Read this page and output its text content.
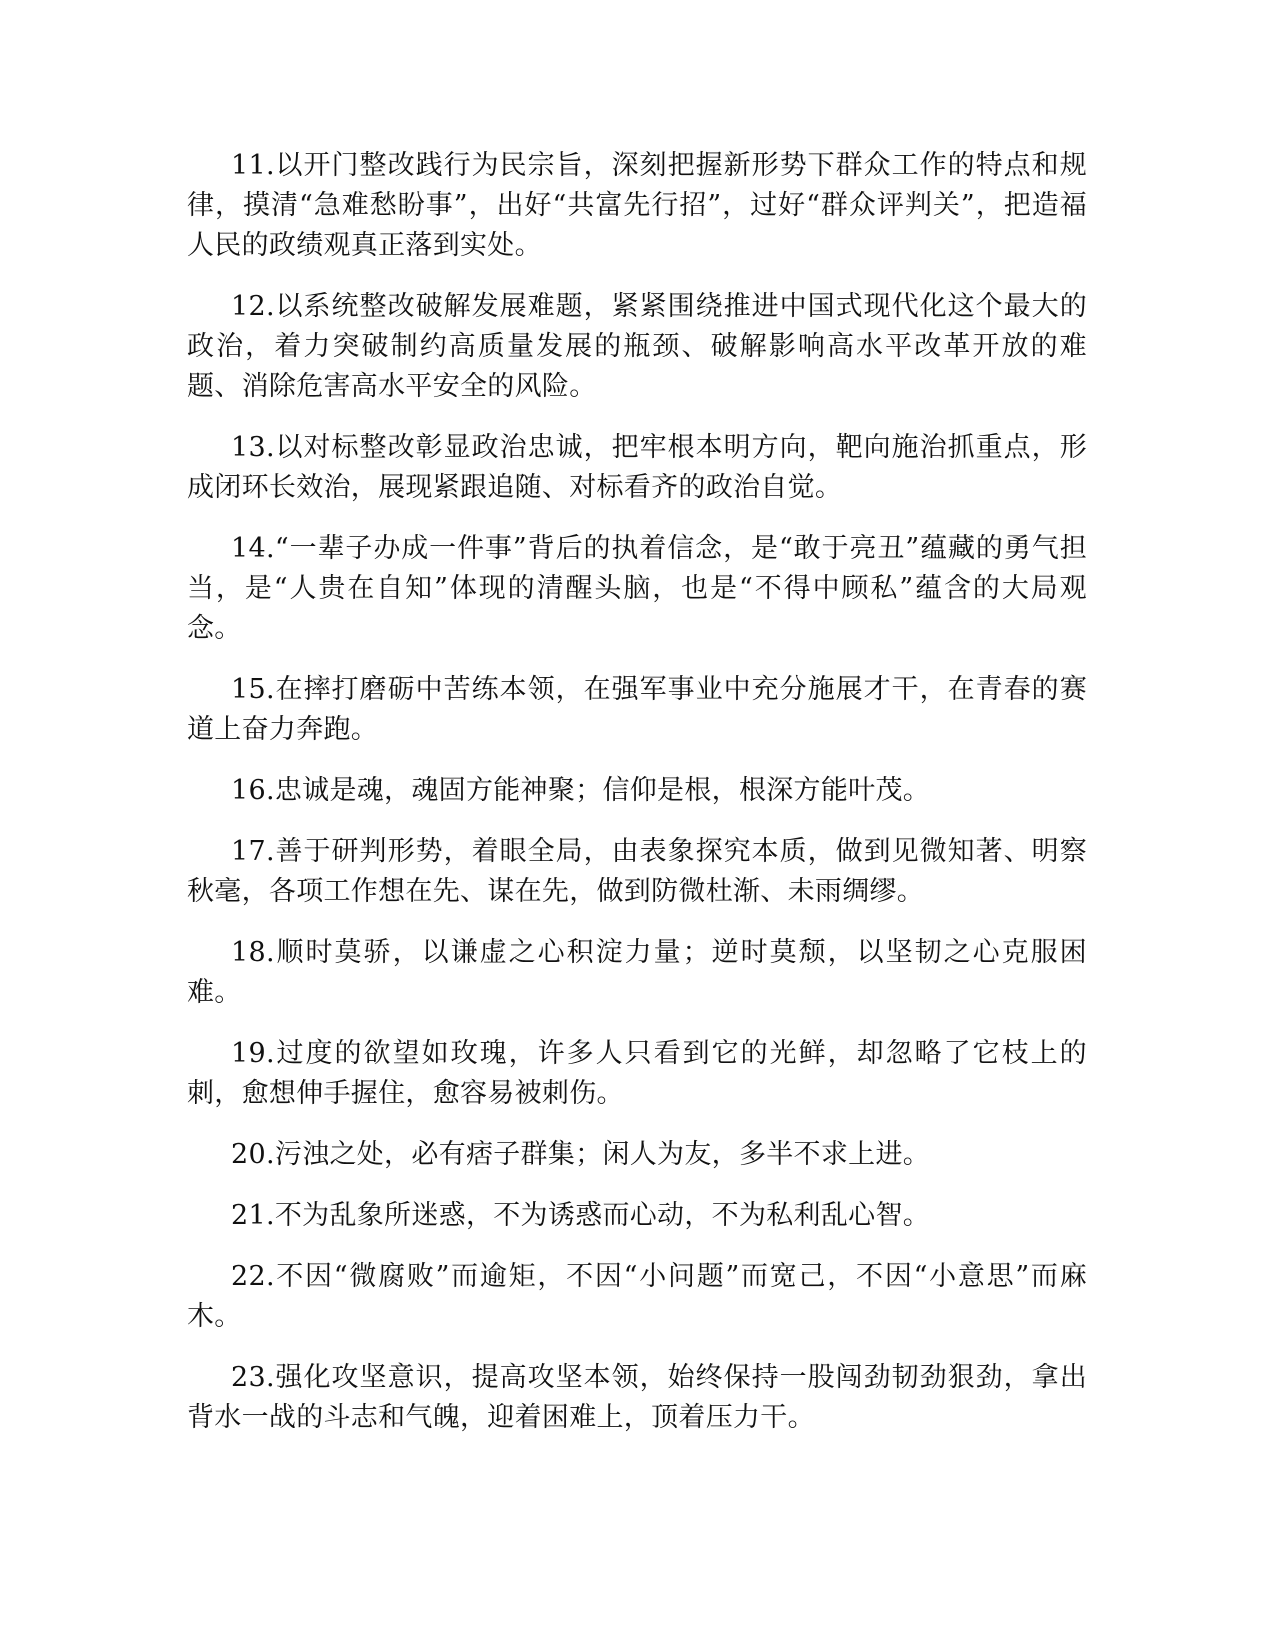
11.以开门整改践行为民宗旨，深刻把握新形势下群众工作的特点和规律，摸清“急难愁盼事”，出好“共富先行招”，过好“群众评判关”，把造福人民的政绩观真正落到实处。

12.以系统整改破解发展难题，紧紧围绕推进中国式现代化这个最大的政治，着力突破制约高质量发展的瓶颈、破解影响高水平改革开放的难题、消除危害高水平安全的风险。

13.以对标整改彰显政治忠诚，把牢根本明方向，靶向施治抓重点，形成闭环长效治，展现紧跟追随、对标看齐的政治自觉。

14.“一辈子办成一件事”背后的执着信念，是“敢于亮丑”蕴藏的勇气担当，是“人贵在自知”体现的清醒头脑，也是“不得中顾私”蕴含的大局观念。

15.在摔打磨砺中苦练本领，在强军事业中充分施展才干，在青春的赛道上奋力奔跑。

16.忠诚是魂，魂固方能神聚；信仰是根，根深方能叶茂。

17.善于研判形势，着眼全局，由表象探究本质，做到见微知著、明察秋毫，各项工作想在先、谋在先，做到防微杜渐、未雨绸缪。

18.顺时莫骄，以谦虚之心积淀力量；逆时莫颓，以坚韧之心克服困难。

19.过度的欲望如玫瑰，许多人只看到它的光鲜，却忽略了它枝上的刺，愈想伸手握住，愈容易被刺伤。

20.污浊之处，必有痞子群集；闲人为友，多半不求上进。

21.不为乱象所迷惑，不为诱惑而心动，不为私利乱心智。

22.不因“微腐败”而逾矩，不因“小问题”而宽己，不因“小意思”而麻木。

23.强化攻坚意识，提高攻坚本领，始终保持一股闯劲韧劲狠劲，拿出背水一战的斗志和气魄，迎着困难上，顶着压力干。
